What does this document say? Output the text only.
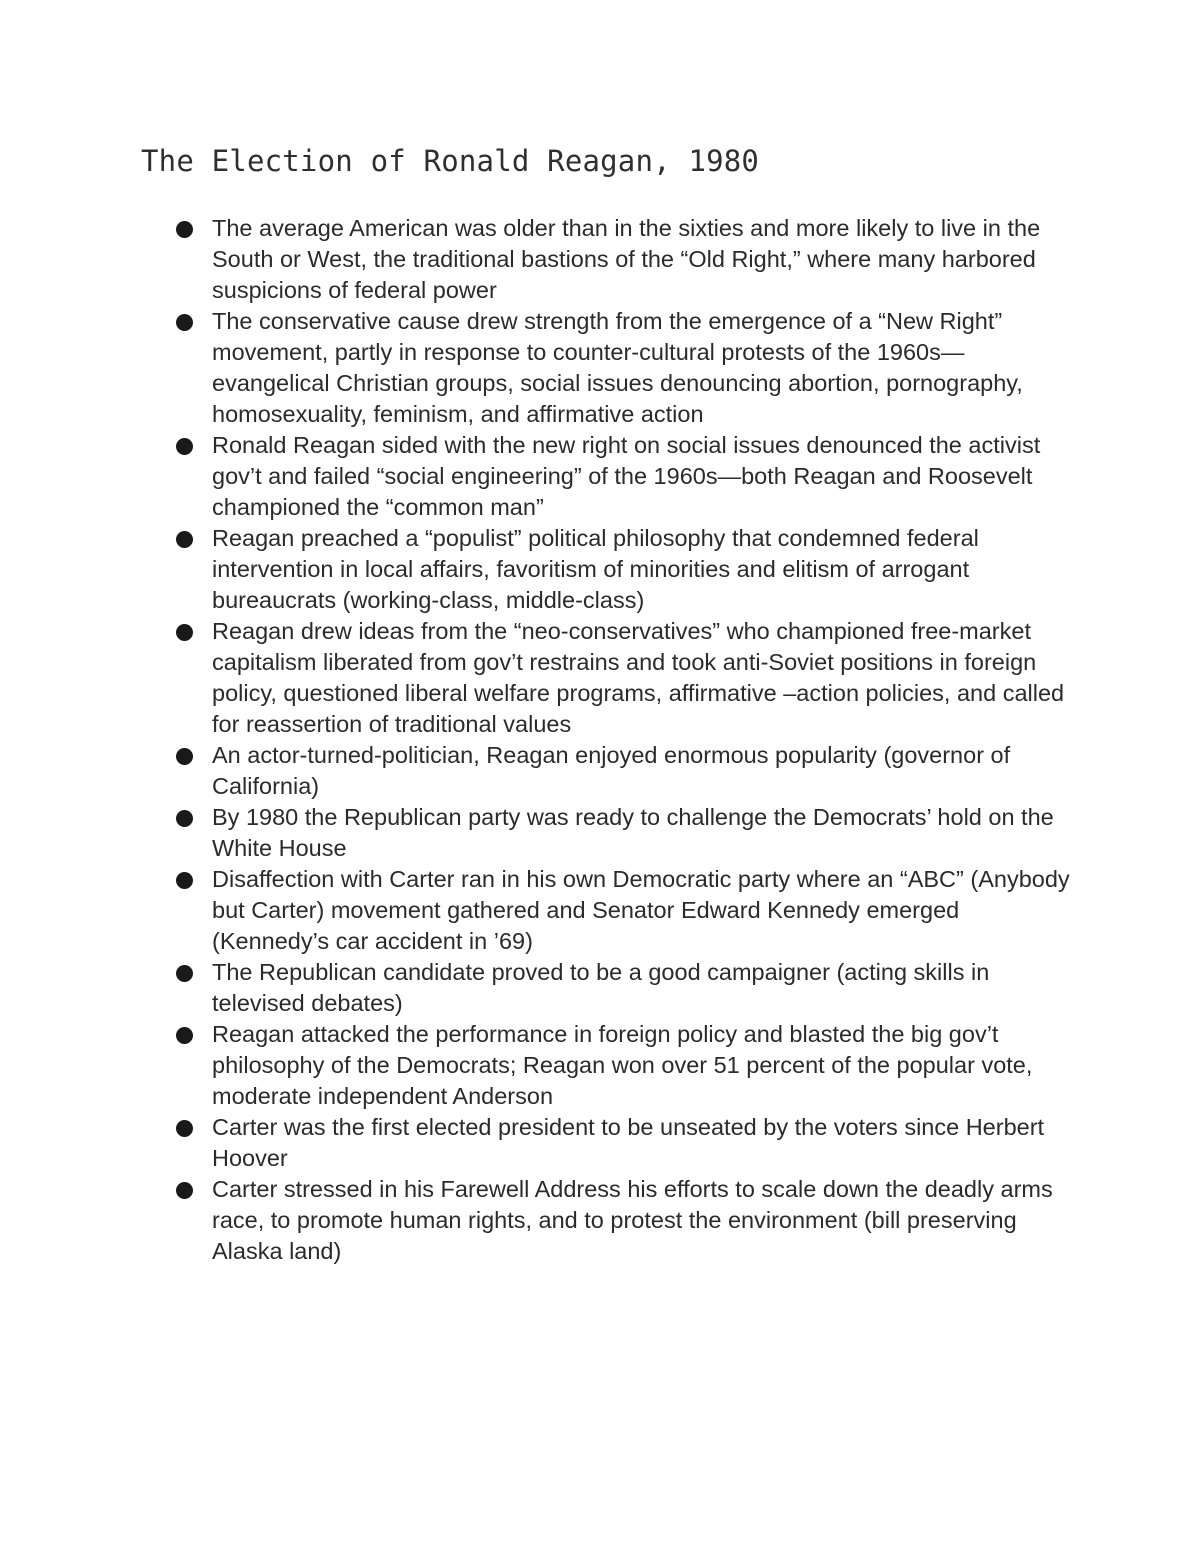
The Election of Ronald Reagan, 1980
The average American was older than in the sixties and more likely to live in the South or West, the traditional bastions of the “Old Right,” where many harbored suspicions of federal power
The conservative cause drew strength from the emergence of a “New Right” movement, partly in response to counter-cultural protests of the 1960s—evangelical Christian groups, social issues denouncing abortion, pornography, homosexuality, feminism, and affirmative action
Ronald Reagan sided with the new right on social issues denounced the activist gov’t and failed “social engineering” of the 1960s—both Reagan and Roosevelt championed the “common man”
Reagan preached a “populist” political philosophy that condemned federal intervention in local affairs, favoritism of minorities and elitism of arrogant bureaucrats (working-class, middle-class)
Reagan drew ideas from the “neo-conservatives” who championed free-market capitalism liberated from gov’t restrains and took anti-Soviet positions in foreign policy, questioned liberal welfare programs, affirmative –action policies, and called for reassertion of traditional values
An actor-turned-politician, Reagan enjoyed enormous popularity (governor of California)
By 1980 the Republican party was ready to challenge the Democrats’ hold on the White House
Disaffection with Carter ran in his own Democratic party where an “ABC” (Anybody but Carter) movement gathered and Senator Edward Kennedy emerged (Kennedy’s car accident in ’69)
The Republican candidate proved to be a good campaigner (acting skills in televised debates)
Reagan attacked the performance in foreign policy and blasted the big gov’t philosophy of the Democrats; Reagan won over 51 percent of the popular vote, moderate independent Anderson
Carter was the first elected president to be unseated by the voters since Herbert Hoover
Carter stressed in his Farewell Address his efforts to scale down the deadly arms race, to promote human rights, and to protest the environment (bill preserving Alaska land)
